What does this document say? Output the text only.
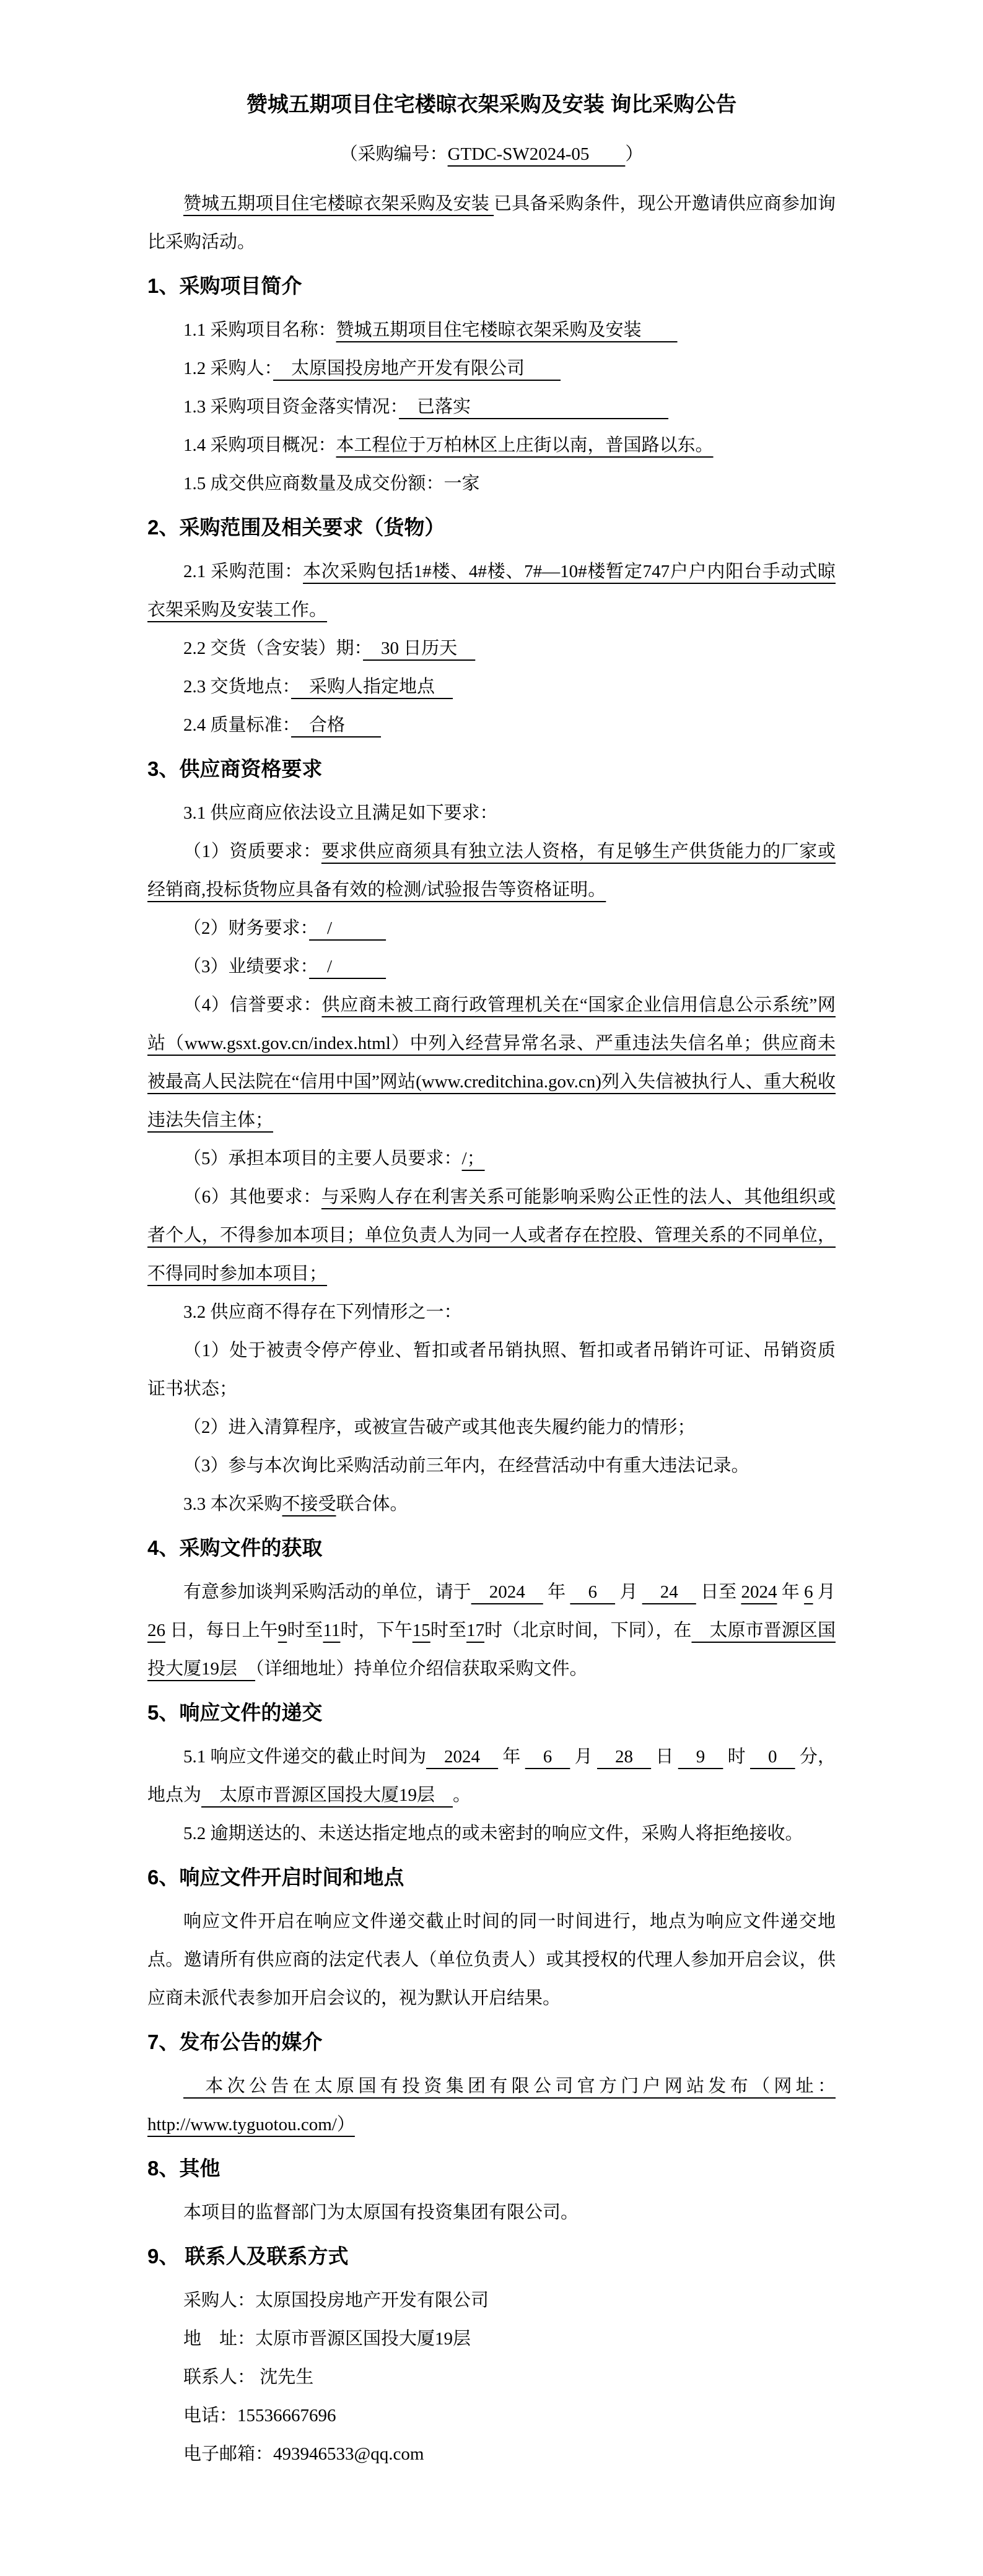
赞城五期项目住宅楼晾衣架采购及安装 询比采购公告

（采购编号：GTDC-SW2024-05　　）

赞城五期项目住宅楼晾衣架采购及安装 已具备采购条件，现公开邀请供应商参加询比采购活动。

1、采购项目简介

1.1 采购项目名称：赞城五期项目住宅楼晾衣架采购及安装　　

1.2 采购人：　太原国投房地产开发有限公司　　

1.3 采购项目资金落实情况：　已落实　　　　　　　　　　　

1.4 采购项目概况：本工程位于万柏林区上庄街以南，普国路以东。

1.5 成交供应商数量及成交份额：一家

2、采购范围及相关要求（货物）

2.1 采购范围：本次采购包括1#楼、4#楼、7#—10#楼暂定747户户内阳台手动式晾衣架采购及安装工作。

2.2 交货（含安装）期：　30 日历天　

2.3 交货地点：　采购人指定地点　

2.4 质量标准：　合格　　

3、供应商资格要求

3.1 供应商应依法设立且满足如下要求：

（1）资质要求：要求供应商须具有独立法人资格，有足够生产供货能力的厂家或经销商,投标货物应具备有效的检测/试验报告等资格证明。

（2）财务要求：　/　　　

（3）业绩要求：　/　　　

（4）信誉要求：供应商未被工商行政管理机关在“国家企业信用信息公示系统”网站（www.gsxt.gov.cn/index.html）中列入经营异常名录、严重违法失信名单；供应商未被最高人民法院在“信用中国”网站(www.creditchina.gov.cn)列入失信被执行人、重大税收违法失信主体；

（5）承担本项目的主要人员要求：/；

（6）其他要求：与采购人存在利害关系可能影响采购公正性的法人、其他组织或者个人，不得参加本项目；单位负责人为同一人或者存在控股、管理关系的不同单位，不得同时参加本项目；

3.2 供应商不得存在下列情形之一：

（1）处于被责令停产停业、暂扣或者吊销执照、暂扣或者吊销许可证、吊销资质证书状态；

（2）进入清算程序，或被宣告破产或其他丧失履约能力的情形；

（3）参与本次询比采购活动前三年内，在经营活动中有重大违法记录。

3.3 本次采购不接受联合体。

4、采购文件的获取

有意参加谈判采购活动的单位，请于　2024　 年 　6　 月 　24　 日至 2024 年 6 月 26 日，每日上午9时至11时，下午15时至17时（北京时间，下同），在　太原市晋源区国投大厦19层　（详细地址）持单位介绍信获取采购文件。

5、响应文件的递交

5.1 响应文件递交的截止时间为　2024　 年 　6　 月 　28　 日 　9　 时 　0　 分，地点为　太原市晋源区国投大厦19层　。

5.2 逾期送达的、未送达指定地点的或未密封的响应文件，采购人将拒绝接收。

6、响应文件开启时间和地点

响应文件开启在响应文件递交截止时间的同一时间进行，地点为响应文件递交地点。邀请所有供应商的法定代表人（单位负责人）或其授权的代理人参加开启会议，供应商未派代表参加开启会议的，视为默认开启结果。

7、发布公告的媒介

　本次公告在太原国有投资集团有限公司官方门户网站发布（网址：http://www.tyguotou.com/）

8、其他

本项目的监督部门为太原国有投资集团有限公司。

9、 联系人及联系方式

采购人：太原国投房地产开发有限公司

地　址：太原市晋源区国投大厦19层

联系人： 沈先生

电话：15536667696

电子邮箱：493946533@qq.com
